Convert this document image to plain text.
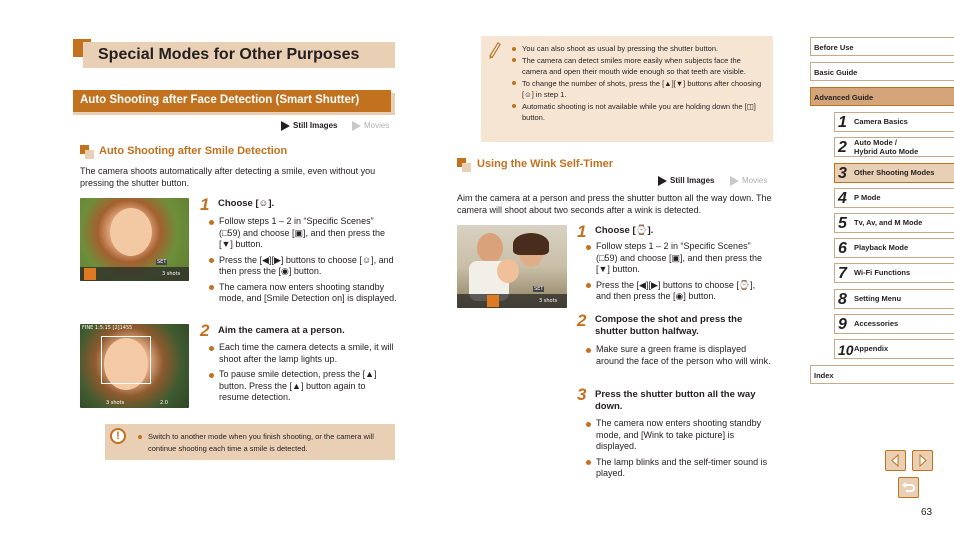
Special Modes for Other Purposes
Auto Shooting after Face Detection (Smart Shutter)
Still Images	Movies
Auto Shooting after Smile Detection
The camera shoots automatically after detecting a smile, even without you pressing the shutter button.
SET
3 shots
1 Choose [☺].
Follow steps 1 – 2 in “Specific Scenes” (□59) and choose [▣], and then press the [▼] button.
Press the [◀][▶] buttons to choose [☺], and then press the [◉] button.
The camera now enters shooting standby mode, and [Smile Detection on] is displayed.
FINE 1:5:15 [2]1455
3 shots	2.0
2 Aim the camera at a person.
Each time the camera detects a smile, it will shoot after the lamp lights up.
To pause smile detection, press the [▲] button. Press the [▲] button again to resume detection.
!	Switch to another mode when you finish shooting, or the camera will continue shooting each time a smile is detected.
You can also shoot as usual by pressing the shutter button.
The camera can detect smiles more easily when subjects face the camera and open their mouth wide enough so that teeth are visible.
To change the number of shots, press the [▲][▼] buttons after choosing [☺] in step 1.
Automatic shooting is not available while you are holding down the [◫] button.
Using the Wink Self-Timer
Still Images	Movies
Aim the camera at a person and press the shutter button all the way down. The camera will shoot about two seconds after a wink is detected.
SET
3 shots
1 Choose [⌚].
Follow steps 1 – 2 in “Specific Scenes” (□59) and choose [▣], and then press the [▼] button.
Press the [◀][▶] buttons to choose [⌚], and then press the [◉] button.
2 Compose the shot and press the shutter button halfway.
Make sure a green frame is displayed around the face of the person who will wink.
3 Press the shutter button all the way down.
The camera now enters shooting standby mode, and [Wink to take picture] is displayed.
The lamp blinks and the self-timer sound is played.
Before Use
Basic Guide
Advanced Guide
1 Camera Basics
2 Auto Mode /
Hybrid Auto Mode
3 Other Shooting Modes
4 P Mode
5 Tv, Av, and M Mode
6 Playback Mode
7 Wi-Fi Functions
8 Setting Menu
9 Accessories
10 Appendix
Index
63
